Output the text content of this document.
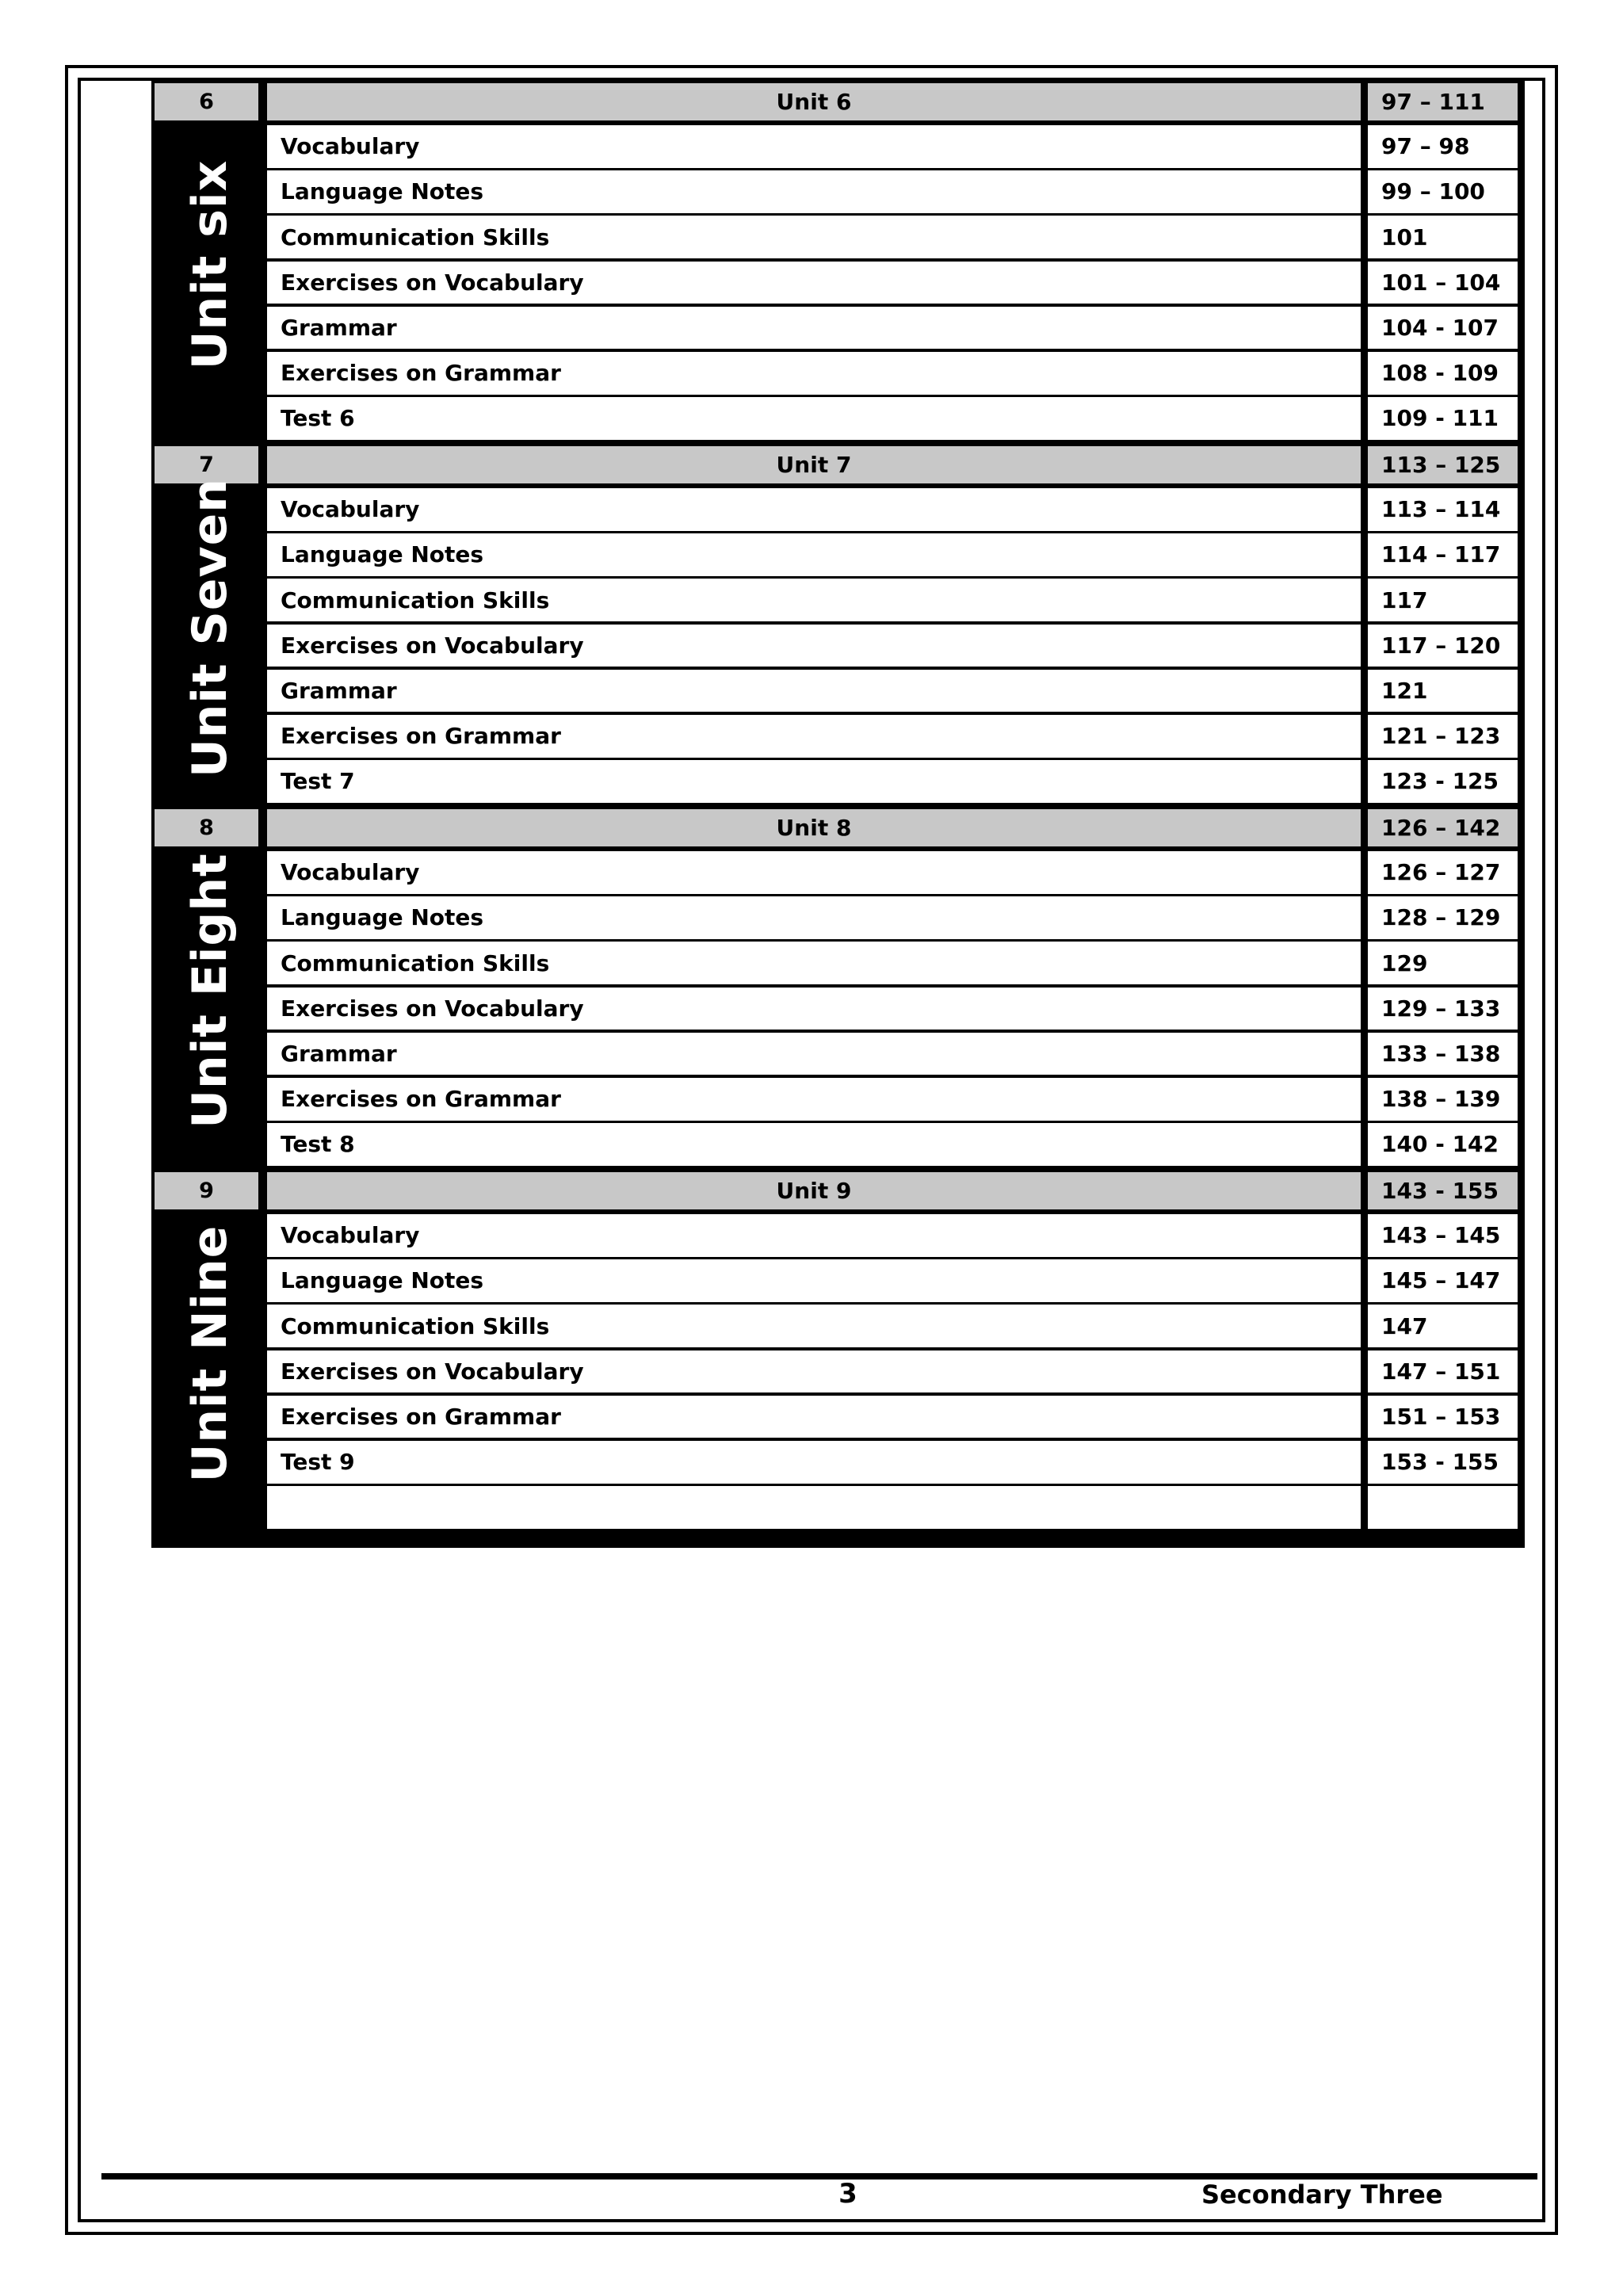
6	Unit 6	97 – 111
Unit six
Vocabulary	97 – 98
Language Notes	99 – 100
Communication Skills	101
Exercises on Vocabulary	101 – 104
Grammar	104 - 107
Exercises on Grammar	108 - 109
Test 6	109 - 111
7	Unit 7	113 – 125
Unit Seven	Vocabulary	113 – 114
Language Notes	114 – 117
Communication Skills	117
Exercises on Vocabulary	117 – 120
Grammar	121
Exercises on Grammar	121 – 123
Test 7	123 - 125
8	Unit 8	126 – 142
Unit Eight	Vocabulary	126 – 127
Language Notes	128 – 129
Communication Skills	129
Exercises on Vocabulary	129 – 133
Grammar	133 – 138
Exercises on Grammar	138 – 139
Test 8	140 - 142
9	Unit 9	143 - 155
Unit Nine	Vocabulary	143 – 145
Language Notes	145 – 147
Communication Skills	147
Exercises on Vocabulary	147 – 151
Exercises on Grammar	151 – 153
Test 9	153 - 155
3	Secondary Three
